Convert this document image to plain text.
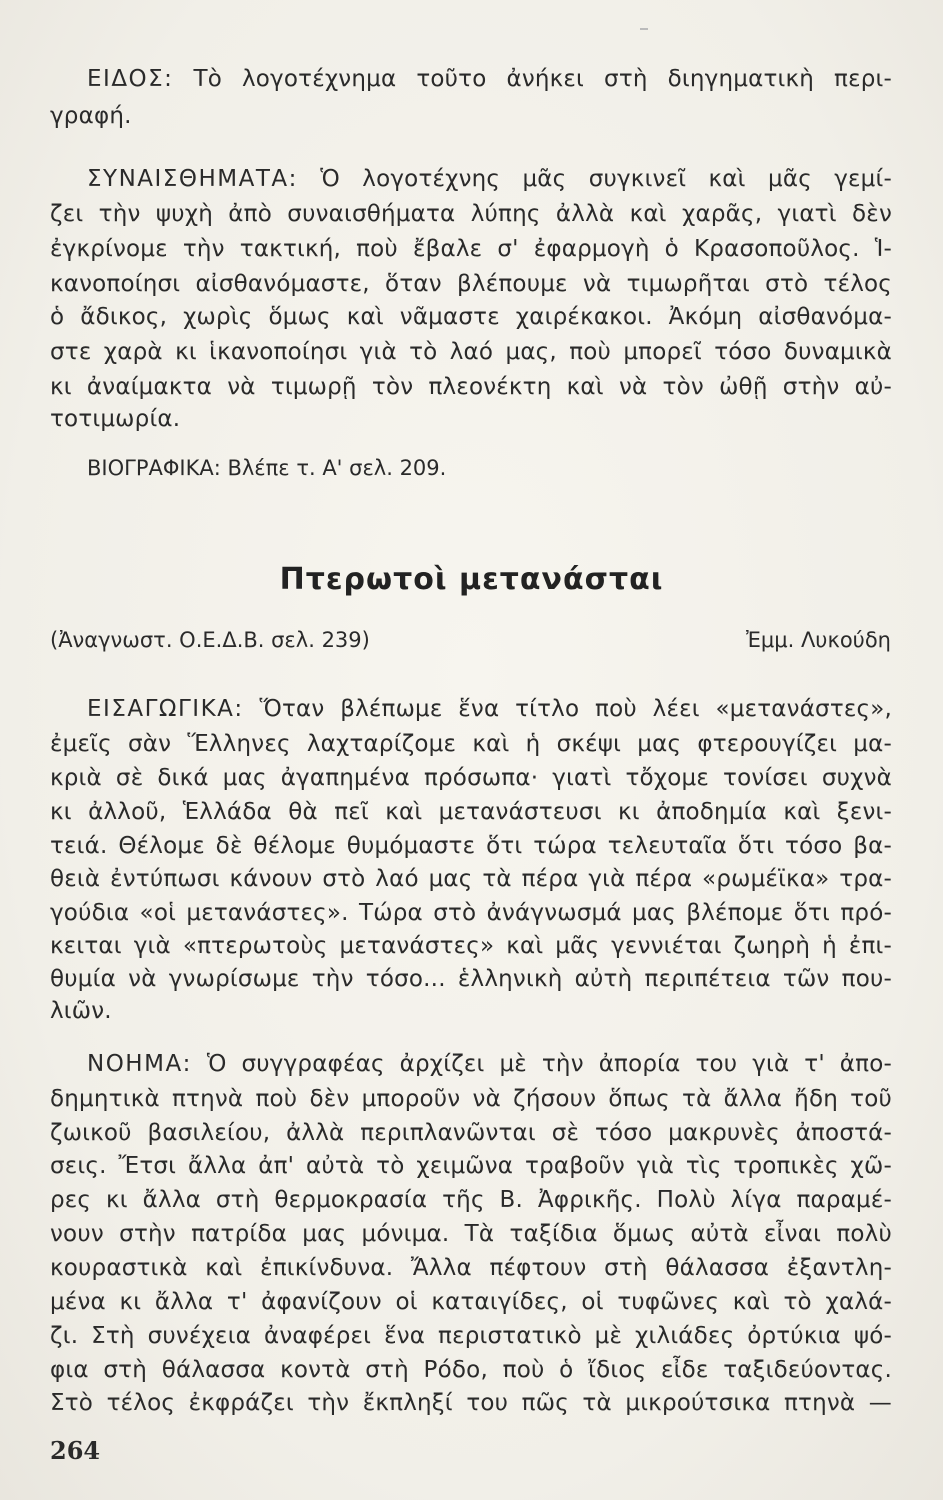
ΕΙΔΟΣ: Τὸ λογοτέχνημα τοῦτο ἀνήκει στὴ διηγηματικὴ περι-
γραφή.
ΣΥΝΑΙΣΘΗΜΑΤΑ: Ὁ λογοτέχνης μᾶς συγκινεῖ καὶ μᾶς γεμί-
ζει τὴν ψυχὴ ἀπὸ συναισθήματα λύπης ἀλλὰ καὶ χαρᾶς, γιατὶ δὲν
ἐγκρίνομε τὴν τακτική, ποὺ ἔβαλε σ' ἐφαρμογὴ ὁ Κρασοποῦλος. Ἱ-
κανοποίησι αἰσθανόμαστε, ὅταν βλέπουμε νὰ τιμωρῆται στὸ τέλος
ὁ ἄδικος, χωρὶς ὅμως καὶ νᾶμαστε χαιρέκακοι. Ἀκόμη αἰσθανόμα-
στε χαρὰ κι ἱκανοποίησι γιὰ τὸ λαό μας, ποὺ μπορεῖ τόσο δυναμικὰ
κι ἀναίμακτα νὰ τιμωρῇ τὸν πλεονέκτη καὶ νὰ τὸν ὠθῇ στὴν αὐ-
τοτιμωρία.
ΒΙΟΓΡΑΦΙΚΑ: Βλέπε τ. Α' σελ. 209.
Πτερωτοὶ μετανάσται
(Ἀναγνωστ. Ο.Ε.Δ.Β. σελ. 239)	Ἐμμ. Λυκούδη
ΕΙΣΑΓΩΓΙΚΑ: Ὅταν βλέπωμε ἕνα τίτλο ποὺ λέει «μετανάστες»,
ἐμεῖς σὰν Ἕλληνες λαχταρίζομε καὶ ἡ σκέψι μας φτερουγίζει μα-
κριὰ σὲ δικά μας ἀγαπημένα πρόσωπα· γιατὶ τὄχομε τονίσει συχνὰ
κι ἀλλοῦ, Ἑλλάδα θὰ πεῖ καὶ μετανάστευσι κι ἀποδημία καὶ ξενι-
τειά. Θέλομε δὲ θέλομε θυμόμαστε ὅτι τώρα τελευταῖα ὅτι τόσο βα-
θειὰ ἐντύπωσι κάνουν στὸ λαό μας τὰ πέρα γιὰ πέρα «ρωμέϊκα» τρα-
γούδια «οἱ μετανάστες». Τώρα στὸ ἀνάγνωσμά μας βλέπομε ὅτι πρό-
κειται γιὰ «πτερωτοὺς μετανάστες» καὶ μᾶς γεννιέται ζωηρὴ ἡ ἐπι-
θυμία νὰ γνωρίσωμε τὴν τόσο... ἑλληνικὴ αὐτὴ περιπέτεια τῶν που-
λιῶν.
ΝΟΗΜΑ: Ὁ συγγραφέας ἀρχίζει μὲ τὴν ἀπορία του γιὰ τ' ἀπο-
δημητικὰ πτηνὰ ποὺ δὲν μποροῦν νὰ ζήσουν ὅπως τὰ ἄλλα ἤδη τοῦ
ζωικοῦ βασιλείου, ἀλλὰ περιπλανῶνται σὲ τόσο μακρυνὲς ἀποστά-
σεις. Ἔτσι ἄλλα ἀπ' αὐτὰ τὸ χειμῶνα τραβοῦν γιὰ τὶς τροπικὲς χῶ-
ρες κι ἄλλα στὴ θερμοκρασία τῆς Β. Ἀφρικῆς. Πολὺ λίγα παραμέ-
νουν στὴν πατρίδα μας μόνιμα. Τὰ ταξίδια ὅμως αὐτὰ εἶναι πολὺ
κουραστικὰ καὶ ἐπικίνδυνα. Ἄλλα πέφτουν στὴ θάλασσα ἐξαντλη-
μένα κι ἄλλα τ' ἀφανίζουν οἱ καταιγίδες, οἱ τυφῶνες καὶ τὸ χαλά-
ζι. Στὴ συνέχεια ἀναφέρει ἕνα περιστατικὸ μὲ χιλιάδες ὀρτύκια ψό-
φια στὴ θάλασσα κοντὰ στὴ Ρόδο, ποὺ ὁ ἴδιος εἶδε ταξιδεύοντας.
Στὸ τέλος ἐκφράζει τὴν ἔκπληξί του πῶς τὰ μικρούτσικα πτηνὰ —
264
